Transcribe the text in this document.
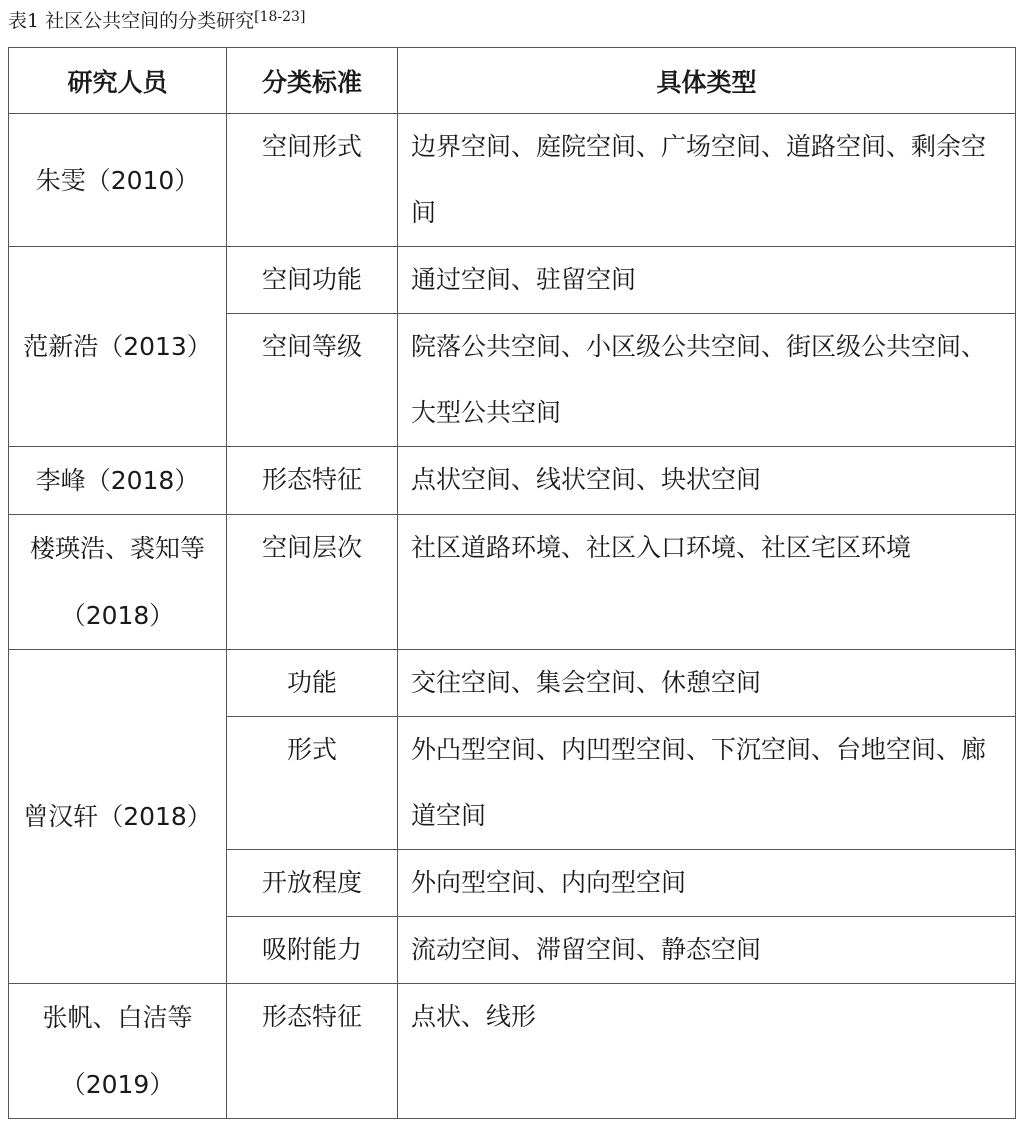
表1 社区公共空间的分类研究[18-23]
研究人员	分类标准	具体类型
朱雯（2010）	空间形式	边界空间、庭院空间、广场空间、道路空间、剩余空间
范新浩（2013）	空间功能	通过空间、驻留空间
	空间等级	院落公共空间、小区级公共空间、街区级公共空间、大型公共空间
李峰（2018）	形态特征	点状空间、线状空间、块状空间
楼瑛浩、裘知等（2018）	空间层次	社区道路环境、社区入口环境、社区宅区环境
曾汉轩（2018）	功能	交往空间、集会空间、休憩空间
	形式	外凸型空间、内凹型空间、下沉空间、台地空间、廊道空间
	开放程度	外向型空间、内向型空间
	吸附能力	流动空间、滞留空间、静态空间
张帆、白洁等（2019）	形态特征	点状、线形
